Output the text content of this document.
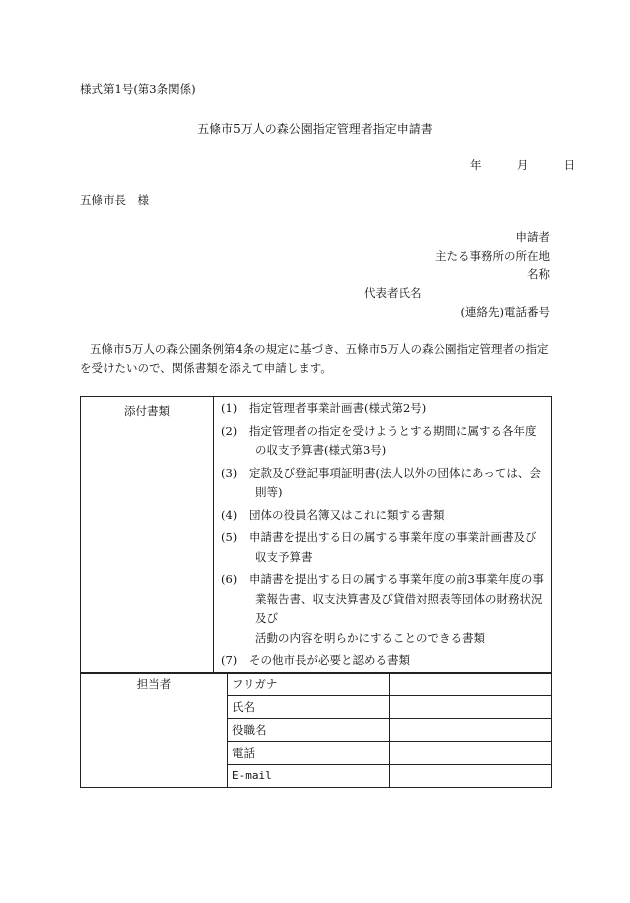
様式第1号(第3条関係)
五條市5万人の森公園指定管理者指定申請書
年	月	日
五條市長　様
申請者
主たる事務所の所在地
名称
代表者氏名
(連絡先)電話番号
五條市5万人の森公園条例第4条の規定に基づき、五條市5万人の森公園指定管理者の指定
を受けたいので、関係書類を添えて申請します。
添付書類	(1)	指定管理者事業計画書(様式第2号)
(2)	指定管理者の指定を受けようとする期間に属する各年度
の収支予算書(様式第3号)
(3)	定款及び登記事項証明書(法人以外の団体にあっては、会
則等)
(4)	団体の役員名簿又はこれに類する書類
(5)	申請書を提出する日の属する事業年度の事業計画書及び
収支予算書
(6)	申請書を提出する日の属する事業年度の前3事業年度の事
業報告書、収支決算書及び貸借対照表等団体の財務状況及び
活動の内容を明らかにすることのできる書類
(7)	その他市長が必要と認める書類
担当者	フリガナ	
	氏名	
	役職名	
	電話	
	E-mail	
